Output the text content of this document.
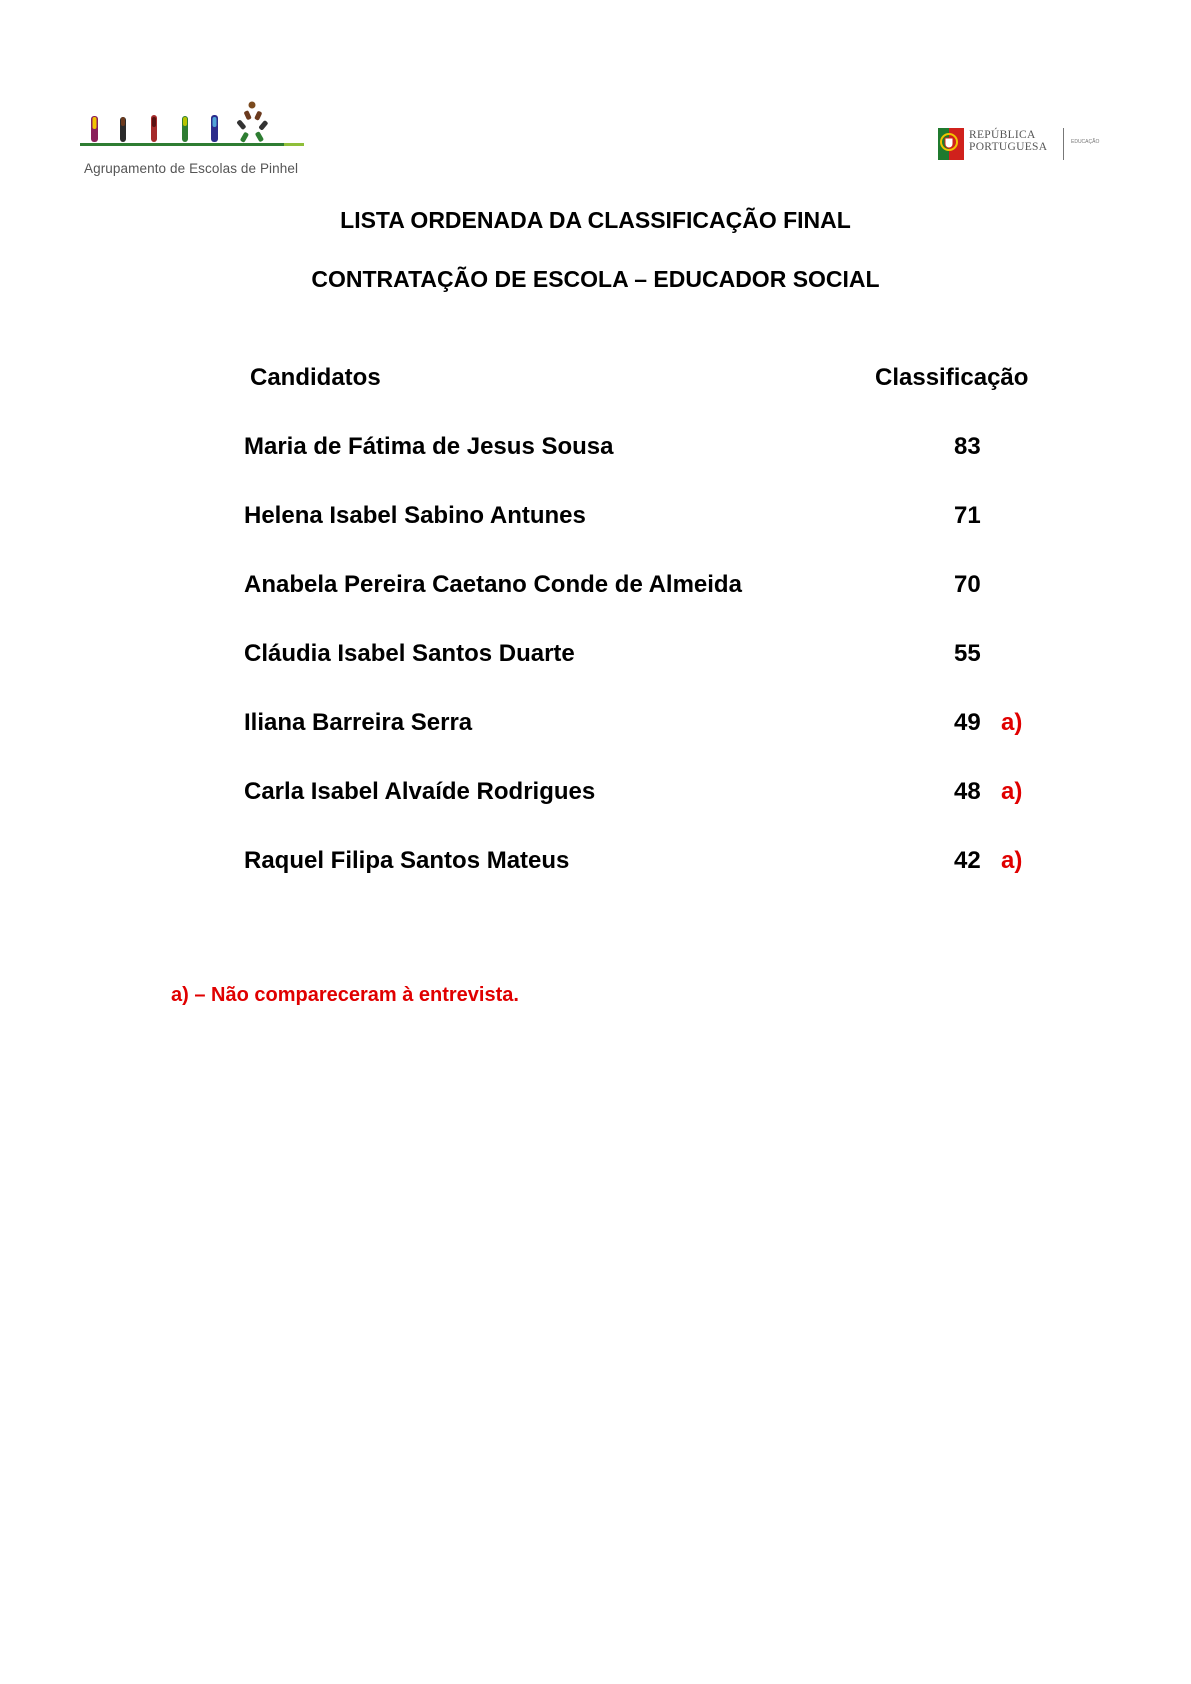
Agrupamento de Escolas de Pinhel
REPÚBLICA
PORTUGUESA	EDUCAÇÃO
LISTA ORDENADA DA CLASSIFICAÇÃO FINAL
CONTRATAÇÃO DE ESCOLA – EDUCADOR SOCIAL
Candidatos	Classificação
Maria de Fátima de Jesus Sousa	83
Helena Isabel Sabino Antunes	71
Anabela Pereira Caetano Conde de Almeida	70
Cláudia Isabel Santos Duarte	55
Iliana Barreira Serra	49 a)
Carla Isabel Alvaíde Rodrigues	48 a)
Raquel Filipa Santos Mateus	42 a)
a) – Não compareceram à entrevista.
